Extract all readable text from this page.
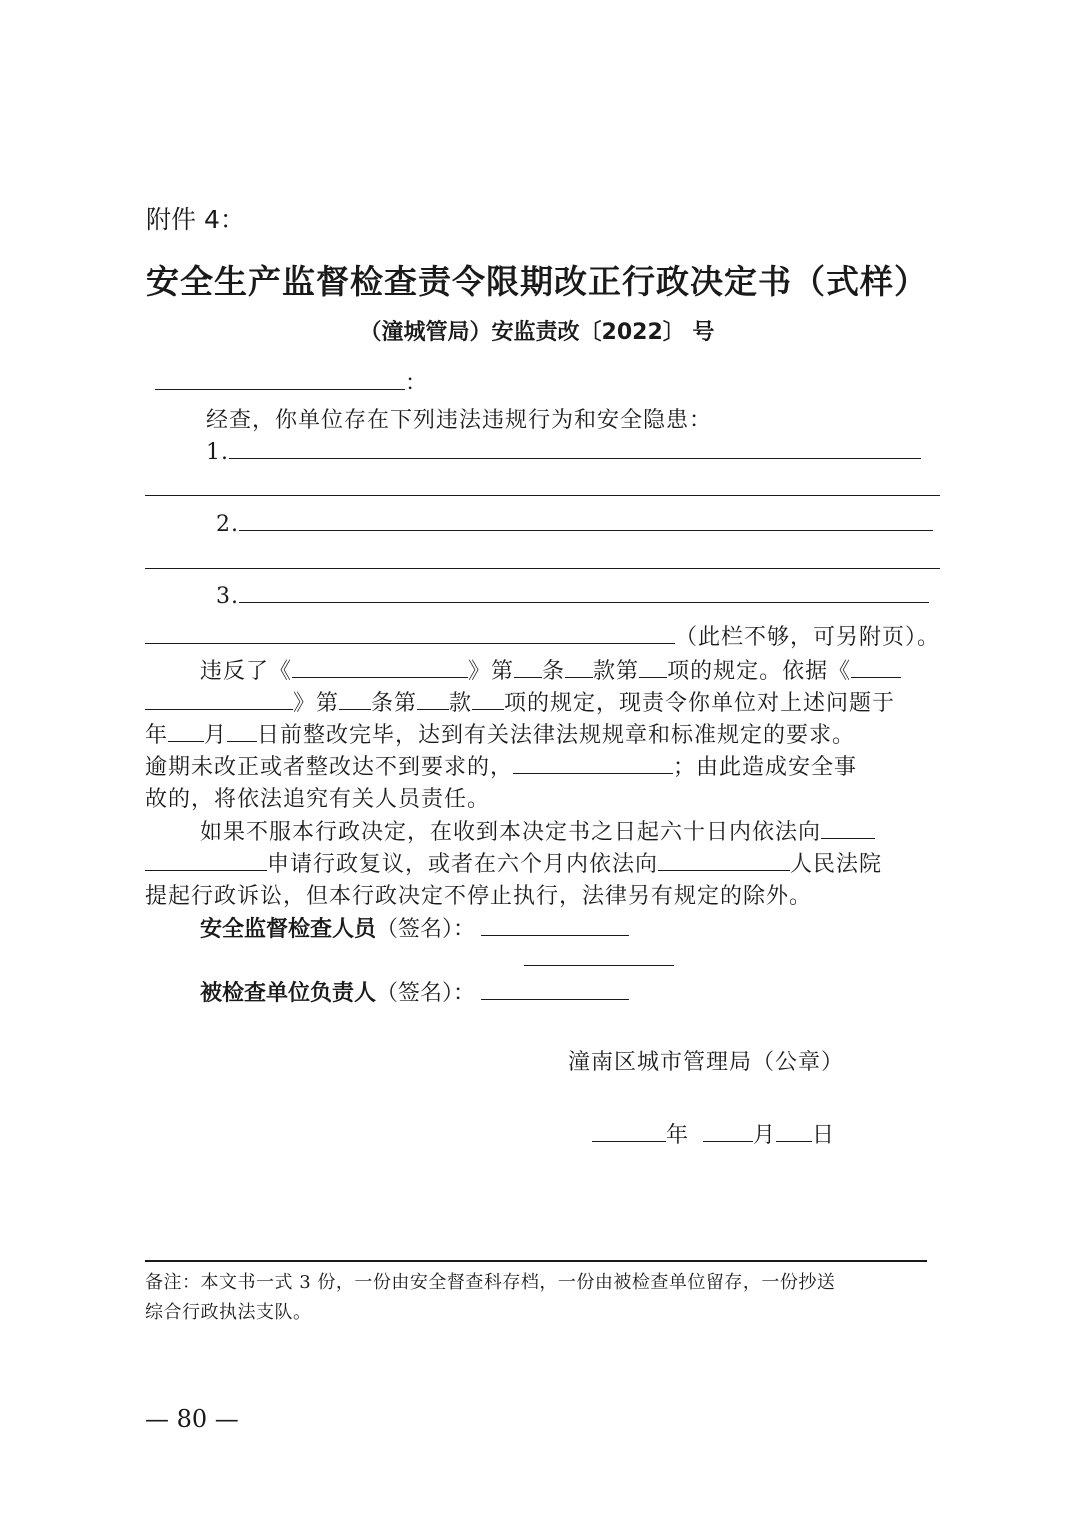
附件 4：
安全生产监督检查责令限期改正行政决定书（式样）
（潼城管局）安监责改〔2022〕 号
：
经查，你单位存在下列违法违规行为和安全隐患：
1.
2.
3.
（此栏不够，可另附页）。
违反了《	》第 条 款第 项的规定。依据《
》第 条第 款 项的规定，现责令你单位对上述问题于
年 月 日前整改完毕，达到有关法律法规规章和标准规定的要求。
逾期未改正或者整改达不到要求的，	；由此造成安全事
故的，将依法追究有关人员责任。
如果不服本行政决定，在收到本决定书之日起六十日内依法向
申请行政复议，或者在六个月内依法向	人民法院
提起行政诉讼，但本行政决定不停止执行，法律另有规定的除外。
安全监督检查人员（签名）：
被检查单位负责人（签名）：
潼南区城市管理局（公章）
年	月 日
备注：本文书一式 3 份，一份由安全督查科存档，一份由被检查单位留存，一份抄送
综合行政执法支队。
— 80 —
